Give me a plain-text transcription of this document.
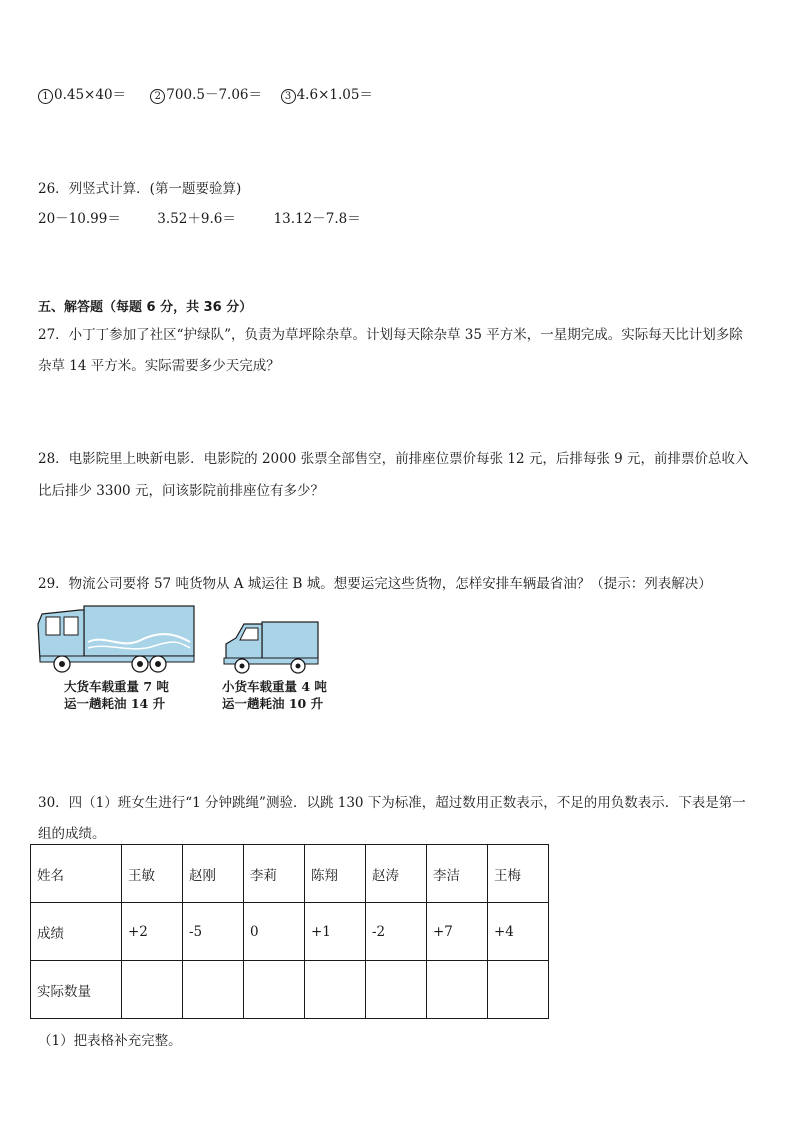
1 0.45×40＝	2 700.5－7.06＝ 3 4.6×1.05＝
26．列竖式计算．(第一题要验算)
20－10.99＝	3.52＋9.6＝	13.12－7.8＝
五、解答题（每题 6 分，共 36 分）
27．小丁丁参加了社区“护绿队”，负责为草坪除杂草。计划每天除杂草 35 平方米，一星期完成。实际每天比计划多除
杂草 14 平方米。实际需要多少天完成？
28．电影院里上映新电影．电影院的 2000 张票全部售空，前排座位票价每张 12 元，后排每张 9 元，前排票价总收入
比后排少 3300 元，问该影院前排座位有多少？
29．物流公司要将 57 吨货物从 A 城运往 B 城。想要运完这些货物，怎样安排车辆最省油？（提示：列表解决）
大货车载重量 7 吨
运一趟耗油 14 升
小货车载重量 4 吨
运一趟耗油 10 升
30．四（1）班女生进行“1 分钟跳绳”测验．以跳 130 下为标准，超过数用正数表示，不足的用负数表示．下表是第一
组的成绩。
姓名	王敏	赵刚	李莉	陈翔	赵涛	李洁	王梅
成绩	+2	-5	0	+1	-2	+7	+4
实际数量							
（1）把表格补充完整。
